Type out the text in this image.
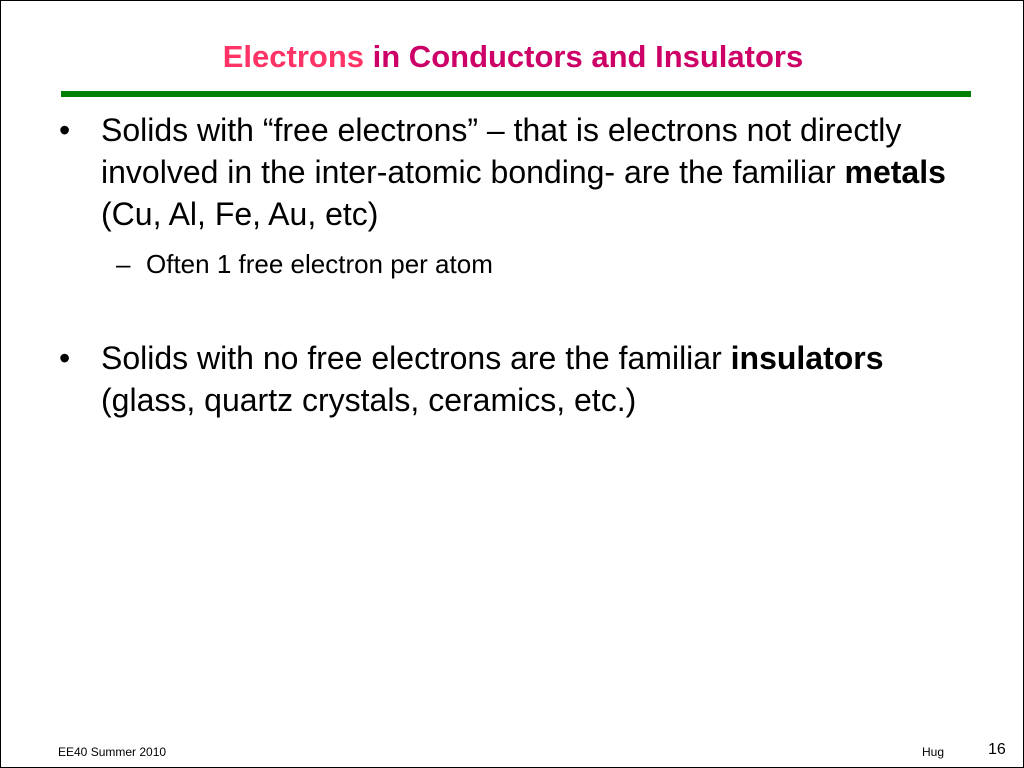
Electrons in Conductors and Insulators
• Solids with “free electrons” – that is electrons not directly involved in the inter-atomic bonding- are the familiar metals (Cu, Al, Fe, Au, etc)
– Often 1 free electron per atom
• Solids with no free electrons are the familiar insulators (glass, quartz crystals, ceramics, etc.)
EE40 Summer 2010	Hug	16
